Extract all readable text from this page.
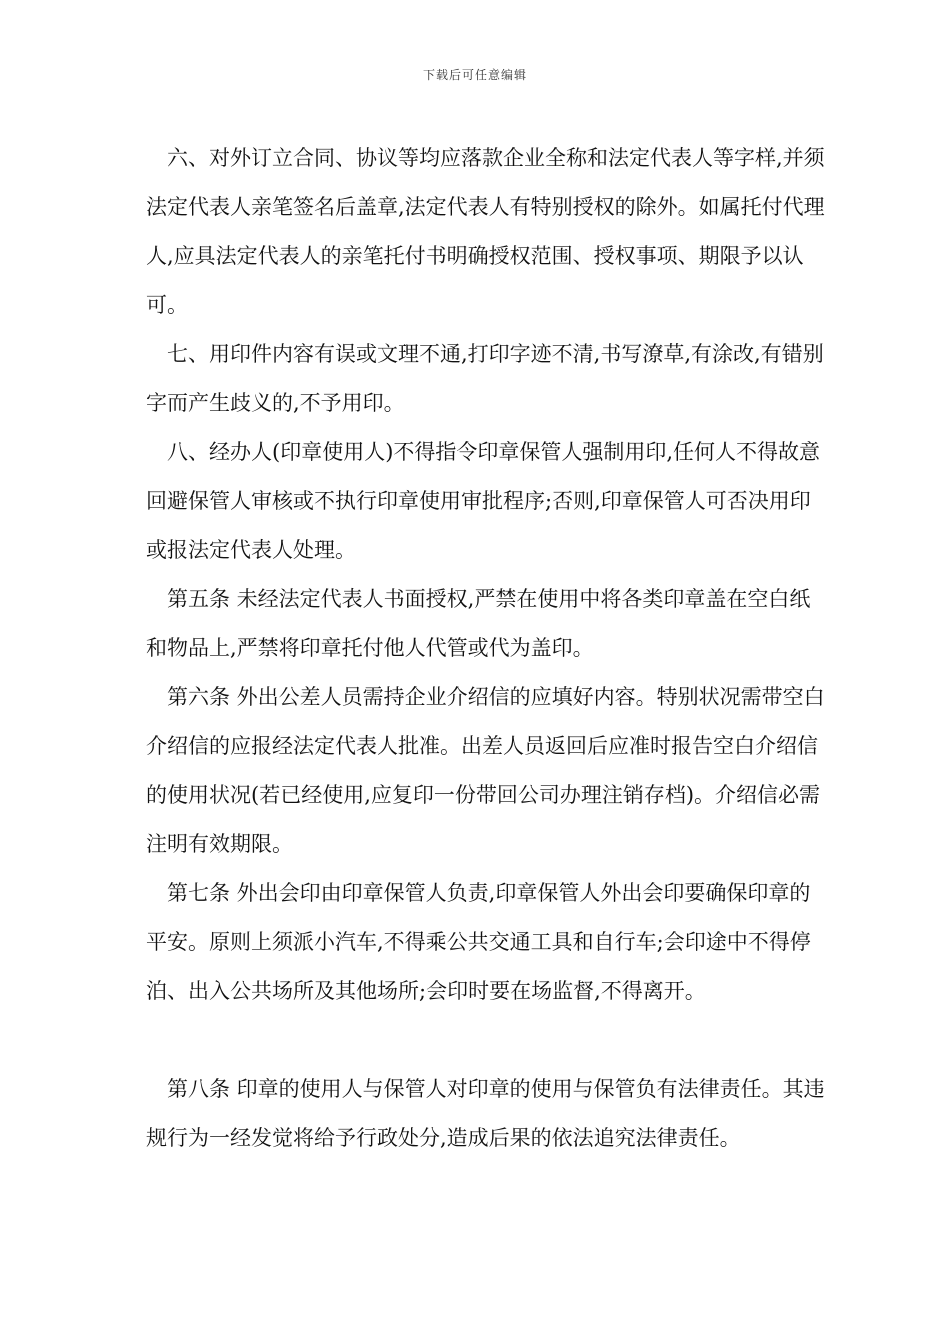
下载后可任意编辑

六、对外订立合同、协议等均应落款企业全称和法定代表人等字样,并须法定代表人亲笔签名后盖章,法定代表人有特别授权的除外。如属托付代理人,应具法定代表人的亲笔托付书明确授权范围、授权事项、期限予以认可。

七、用印件内容有误或文理不通,打印字迹不清,书写潦草,有涂改,有错别字而产生歧义的,不予用印。

八、经办人(印章使用人)不得指令印章保管人强制用印,任何人不得故意回避保管人审核或不执行印章使用审批程序;否则,印章保管人可否决用印或报法定代表人处理。

第五条 未经法定代表人书面授权,严禁在使用中将各类印章盖在空白纸和物品上,严禁将印章托付他人代管或代为盖印。

第六条 外出公差人员需持企业介绍信的应填好内容。特别状况需带空白介绍信的应报经法定代表人批准。出差人员返回后应准时报告空白介绍信的使用状况(若已经使用,应复印一份带回公司办理注销存档)。介绍信必需注明有效期限。

第七条 外出会印由印章保管人负责,印章保管人外出会印要确保印章的平安。原则上须派小汽车,不得乘公共交通工具和自行车;会印途中不得停泊、出入公共场所及其他场所;会印时要在场监督,不得离开。

第八条 印章的使用人与保管人对印章的使用与保管负有法律责任。其违规行为一经发觉将给予行政处分,造成后果的依法追究法律责任。
